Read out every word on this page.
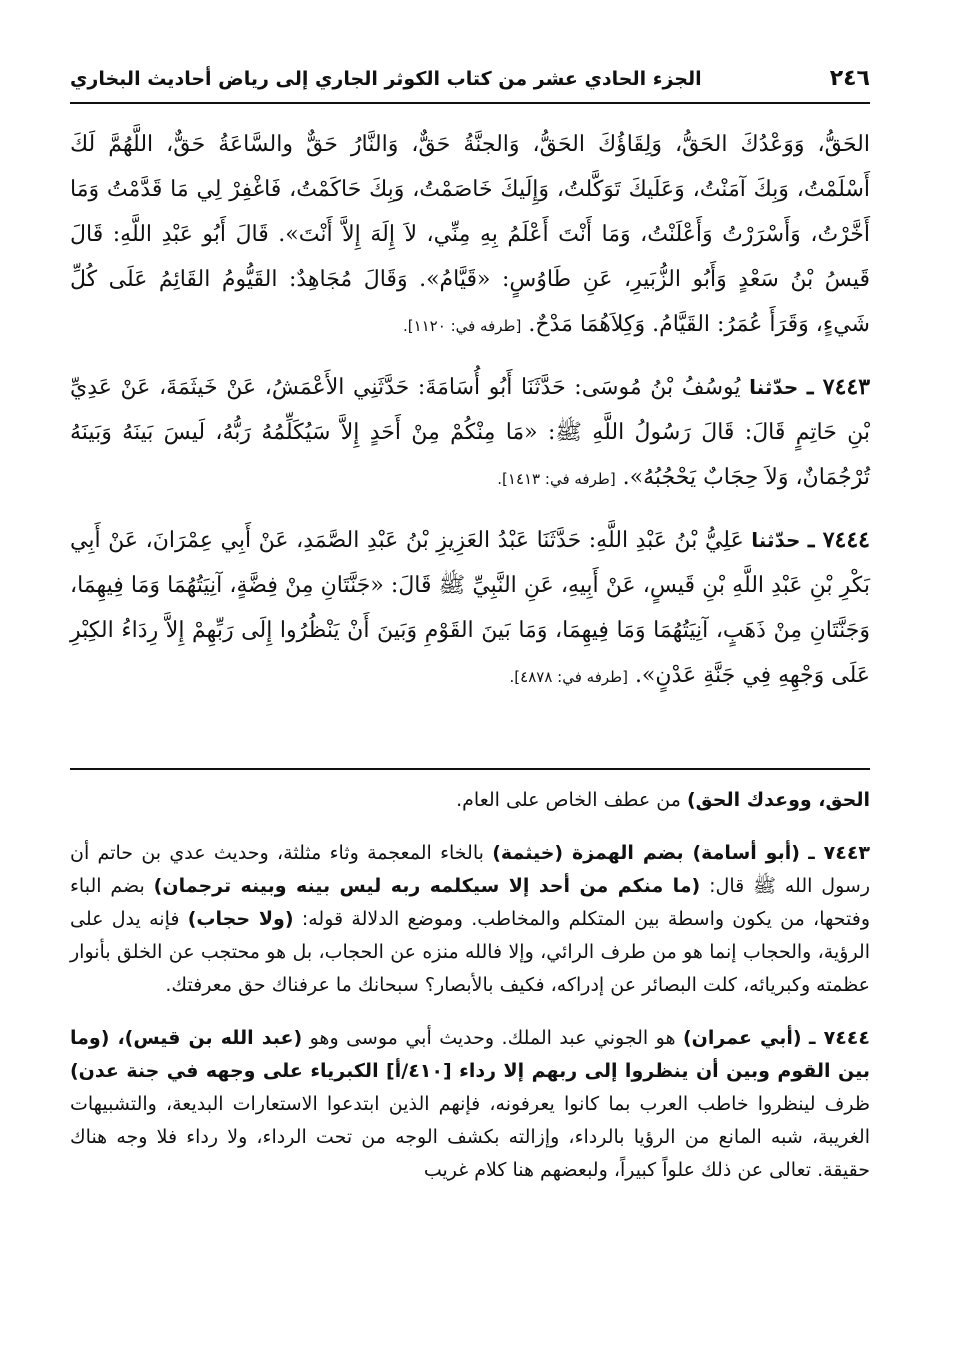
٢٤٦
الجزء الحادي عشر من كتاب الكوثر الجاري إلى رياض أحاديث البخاري

الحَقُّ، وَوَعْدُكَ الحَقُّ، وَلِقَاؤُكَ الحَقُّ، وَالجنَّةُ حَقٌّ، وَالنَّارُ حَقٌّ والسَّاعَةُ حَقٌّ، اللَّهُمَّ لَكَ أَسْلَمْتُ، وَبِكَ آمَنْتُ، وَعَلَيكَ تَوَكَّلتُ، وَإِلَيكَ خَاصَمْتُ، وَبِكَ حَاكَمْتُ، فَاغْفِرْ لِي مَا قَدَّمْتُ وَمَا أَخَّرْتُ، وَأَسْرَرْتُ وَأَعْلَنْتُ، وَمَا أَنْتَ أَعْلَمُ بِهِ مِنِّي، لاَ إِلَهَ إِلاَّ أَنْتَ». قَالَ أَبُو عَبْدِ اللَّهِ: قَالَ قَيسُ بْنُ سَعْدٍ وَأَبُو الزُّبَيرِ، عَنِ طَاوُسٍ: «قَيَّامُ». وَقَالَ مُجَاهِدٌ: القَيُّومُ القَائِمُ عَلَى كُلِّ شَيءٍ، وَقَرَأَ عُمَرُ: القَيَّامُ. وَكِلاَهُمَا مَدْحٌ. [طرفه في: ١١٢٠].

٧٤٤٣ ـ حدّثنا يُوسُفُ بْنُ مُوسَى: حَدَّثَنَا أَبُو أُسَامَةَ: حَدَّثَنِي الأَعْمَشُ، عَنْ خَيثَمَةَ، عَنْ عَدِيِّ بْنِ حَاتِمٍ قَالَ: قَالَ رَسُولُ اللَّهِ ﷺ: «مَا مِنْكُمْ مِنْ أَحَدٍ إِلاَّ سَيُكَلِّمُهُ رَبُّهُ، لَيسَ بَينَهُ وَبَينَهُ تُرْجُمَانٌ، وَلاَ حِجَابٌ يَحْجُبُهُ». [طرفه في: ١٤١٣].

٧٤٤٤ ـ حدّثنا عَلِيُّ بْنُ عَبْدِ اللَّهِ: حَدَّثَنَا عَبْدُ العَزِيزِ بْنُ عَبْدِ الصَّمَدِ، عَنْ أَبِي عِمْرَانَ، عَنْ أَبِي بَكْرِ بْنِ عَبْدِ اللَّهِ بْنِ قَيسٍ، عَنْ أَبِيهِ، عَنِ النَّبِيِّ ﷺ قَالَ: «جَنَّتَانِ مِنْ فِضَّةٍ، آنِيَتُهُمَا وَمَا فِيهِمَا، وَجَنَّتَانِ مِنْ ذَهَبٍ، آنِيَتُهُمَا وَمَا فِيهِمَا، وَمَا بَينَ القَوْمِ وَبَينَ أَنْ يَنْظُرُوا إِلَى رَبِّهِمْ إِلاَّ رِدَاءُ الكِبْرِ عَلَى وَجْهِهِ فِي جَنَّةِ عَدْنٍ». [طرفه في: ٤٨٧٨].

الحق، ووعدك الحق) من عطف الخاص على العام.

٧٤٤٣ ـ (أبو أسامة) بضم الهمزة (خيثمة) بالخاء المعجمة وثاء مثلثة، وحديث عدي بن حاتم أن رسول الله ﷺ قال: (ما منكم من أحد إلا سيكلمه ربه ليس بينه وبينه ترجمان) بضم الباء وفتحها، من يكون واسطة بين المتكلم والمخاطب. وموضع الدلالة قوله: (ولا حجاب) فإنه يدل على الرؤية، والحجاب إنما هو من طرف الرائي، وإلا فالله منزه عن الحجاب، بل هو محتجب عن الخلق بأنوار عظمته وكبريائه، كلت البصائر عن إدراكه، فكيف بالأبصار؟ سبحانك ما عرفناك حق معرفتك.

٧٤٤٤ ـ (أبي عمران) هو الجوني عبد الملك. وحديث أبي موسى وهو (عبد الله بن قيس)، (وما بين القوم وبين أن ينظروا إلى ربهم إلا رداء [٤١٠/أ] الكبرياء على وجهه في جنة عدن) ظرف لينظروا خاطب العرب بما كانوا يعرفونه، فإنهم الذين ابتدعوا الاستعارات البديعة، والتشبيهات الغريبة، شبه المانع من الرؤيا بالرداء، وإزالته بكشف الوجه من تحت الرداء، ولا رداء فلا وجه هناك حقيقة. تعالى عن ذلك علواً كبيراً، ولبعضهم هنا كلام غريب
